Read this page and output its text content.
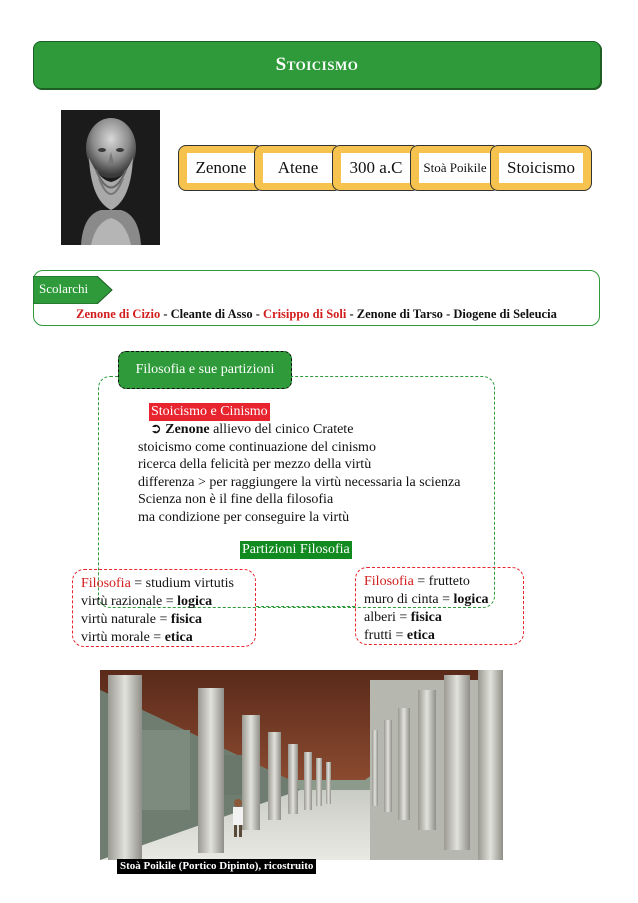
Stoicismo
Zenone	Atene	300 a.C	Stoà Poikile	Stoicismo
Scolarchi
Zenone di Cizio - Cleante di Asso - Crisippo di Soli - Zenone di Tarso - Diogene di Seleucia
Filosofia e sue partizioni
Stoicismo e Cinismo
➲ Zenone allievo del cinico Cratete
stoicismo come continuazione del cinismo
ricerca della felicità per mezzo della virtù
differenza > per raggiungere la virtù necessaria la scienza
Scienza non è il fine della filosofia
ma condizione per conseguire la virtù
Partizioni Filosofia
Filosofia = studium virtutis
virtù razionale = logica
virtù naturale = fisica
virtù morale = etica
Filosofia = frutteto
muro di cinta = logica
alberi = fisica
frutti = etica
Stoà Poikile (Portico Dipinto), ricostruito
